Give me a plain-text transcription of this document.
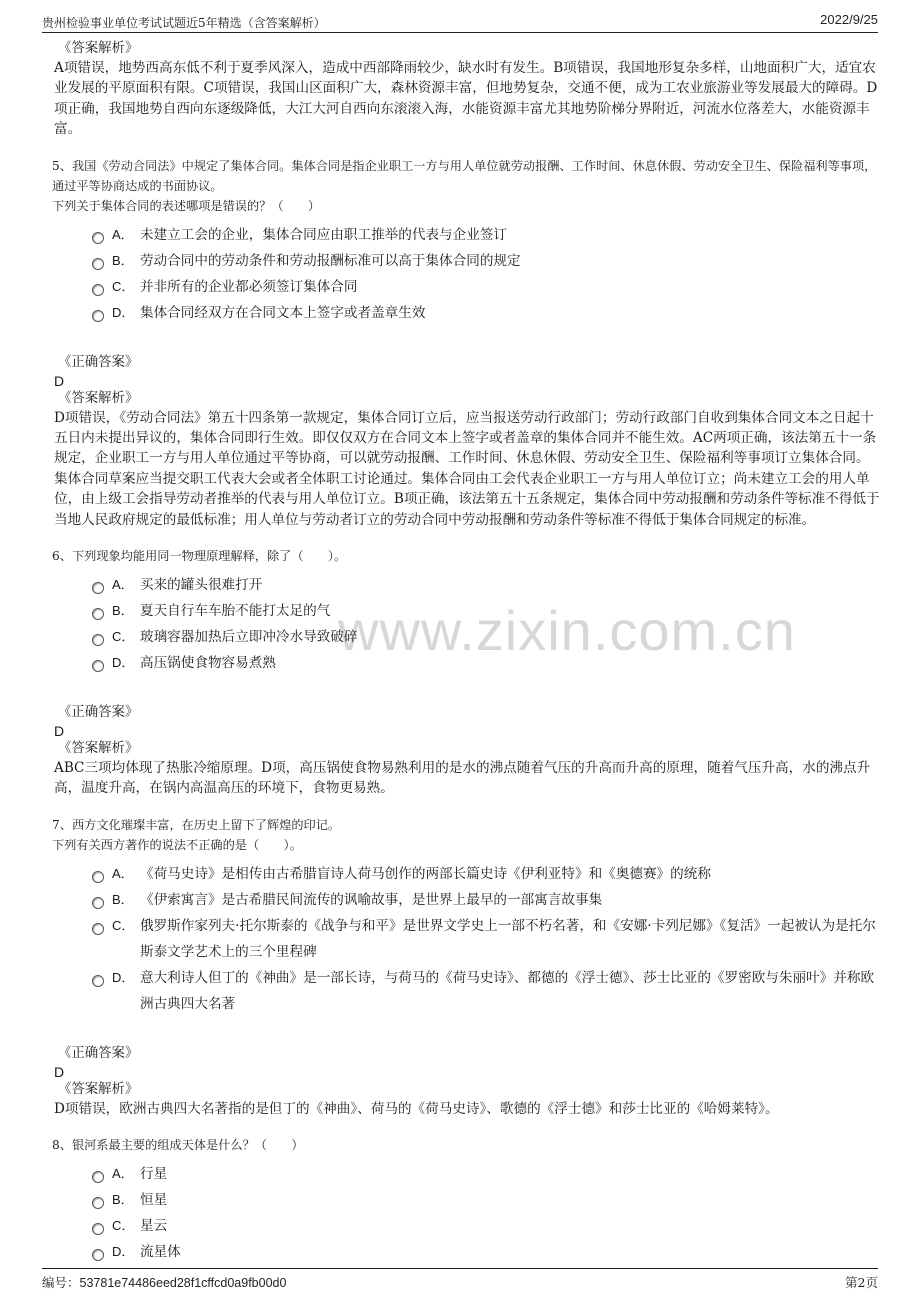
贵州检验事业单位考试试题近5年精选（含答案解析）	2022/9/25
www.zixin.com.cn

《答案解析》

A项错误，地势西高东低不利于夏季风深入，造成中西部降雨较少，缺水时有发生。B项错误，我国地形复杂多样，山地面积广大，适宜农业发展的平原面积有限。C项错误，我国山区面积广大，森林资源丰富，但地势复杂，交通不便，成为工农业旅游业等发展最大的障碍。D项正确，我国地势自西向东逐级降低，大江大河自西向东滚滚入海，水能资源丰富尤其地势阶梯分界附近，河流水位落差大，水能资源丰富。

5、我国《劳动合同法》中规定了集体合同。集体合同是指企业职工一方与用人单位就劳动报酬、工作时间、休息休假、劳动安全卫生、保险福利等事项，通过平等协商达成的书面协议。

下列关于集体合同的表述哪项是错误的？（　　）

A． 未建立工会的企业，集体合同应由职工推举的代表与企业签订
B． 劳动合同中的劳动条件和劳动报酬标准可以高于集体合同的规定
C． 并非所有的企业都必须签订集体合同
D． 集体合同经双方在合同文本上签字或者盖章生效

《正确答案》

D

《答案解析》

D项错误，《劳动合同法》第五十四条第一款规定，集体合同订立后，应当报送劳动行政部门；劳动行政部门自收到集体合同文本之日起十五日内未提出异议的，集体合同即行生效。即仅仅双方在合同文本上签字或者盖章的集体合同并不能生效。AC两项正确，该法第五十一条规定，企业职工一方与用人单位通过平等协商，可以就劳动报酬、工作时间、休息休假、劳动安全卫生、保险福利等事项订立集体合同。集体合同草案应当提交职工代表大会或者全体职工讨论通过。集体合同由工会代表企业职工一方与用人单位订立；尚未建立工会的用人单位，由上级工会指导劳动者推举的代表与用人单位订立。B项正确，该法第五十五条规定，集体合同中劳动报酬和劳动条件等标准不得低于当地人民政府规定的最低标准；用人单位与劳动者订立的劳动合同中劳动报酬和劳动条件等标准不得低于集体合同规定的标准。

6、下列现象均能用同一物理原理解释，除了（　　）。

A． 买来的罐头很难打开
B． 夏天自行车车胎不能打太足的气
C． 玻璃容器加热后立即冲冷水导致破碎
D． 高压锅使食物容易煮熟

《正确答案》

D

《答案解析》

ABC三项均体现了热胀冷缩原理。D项，高压锅使食物易熟利用的是水的沸点随着气压的升高而升高的原理，随着气压升高，水的沸点升高，温度升高，在锅内高温高压的环境下，食物更易熟。

7、西方文化璀璨丰富，在历史上留下了辉煌的印记。

下列有关西方著作的说法不正确的是（　　）。

A． 《荷马史诗》是相传由古希腊盲诗人荷马创作的两部长篇史诗《伊利亚特》和《奥德赛》的统称
B． 《伊索寓言》是古希腊民间流传的讽喻故事，是世界上最早的一部寓言故事集
C． 俄罗斯作家列夫·托尔斯泰的《战争与和平》是世界文学史上一部不朽名著，和《安娜·卡列尼娜》《复活》一起被认为是托尔斯泰文学艺术上的三个里程碑
D． 意大利诗人但丁的《神曲》是一部长诗，与荷马的《荷马史诗》、都德的《浮士德》、莎士比亚的《罗密欧与朱丽叶》并称欧洲古典四大名著

《正确答案》

D

《答案解析》

D项错误，欧洲古典四大名著指的是但丁的《神曲》、荷马的《荷马史诗》、歌德的《浮士德》和莎士比亚的《哈姆莱特》。

8、银河系最主要的组成天体是什么？（　　）

A． 行星
B． 恒星
C． 星云
D． 流星体
编号：53781e74486eed28f1cffcd0a9fb00d0	第2页
